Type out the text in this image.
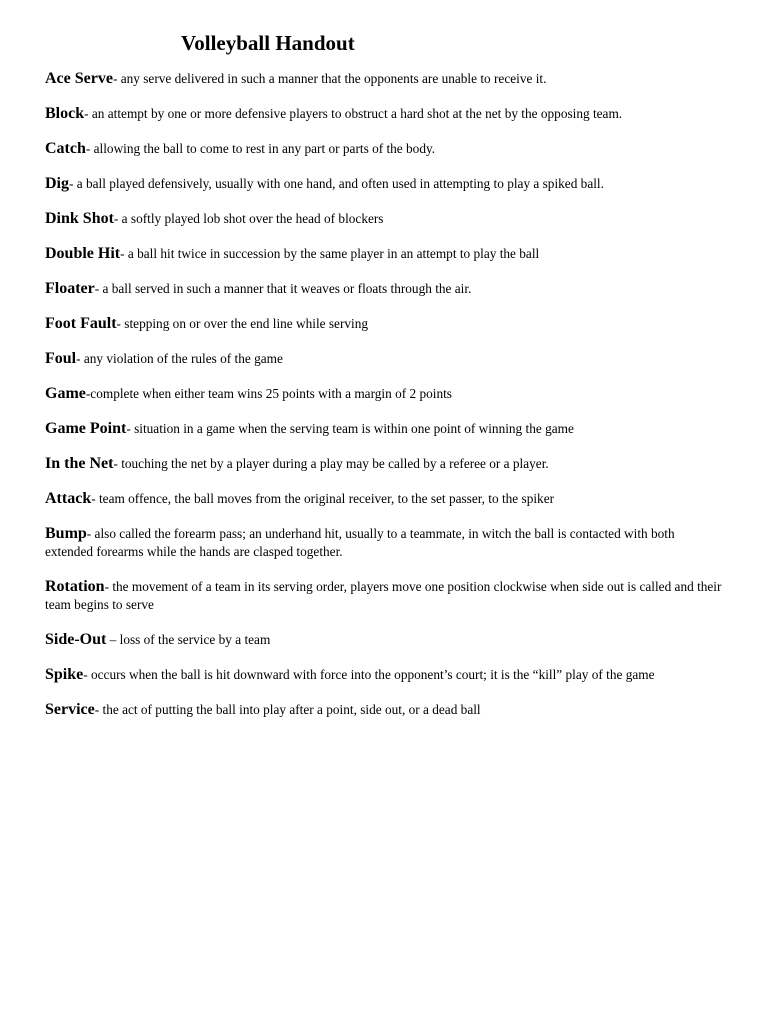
Volleyball Handout

Ace Serve- any serve delivered in such a manner that the opponents are unable to receive it.

Block- an attempt by one or more defensive players to obstruct a hard shot at the net by the opposing team.

Catch- allowing the ball to come to rest in any part or parts of the body.

Dig- a ball played defensively, usually with one hand, and often used in attempting to play a spiked ball.

Dink Shot- a softly played lob shot over the head of blockers

Double Hit- a ball hit twice in succession by the same player in an attempt to play the ball

Floater- a ball served in such a manner that it weaves or floats through the air.

Foot Fault- stepping on or over the end line while serving

Foul- any violation of the rules of the game

Game-complete when either team wins 25 points with a margin of 2 points

Game Point- situation in a game when the serving team is within one point of winning the game

In the Net- touching the net by a player during a play may be called by a referee or a player.

Attack- team offence, the ball moves from the original receiver, to the set passer, to the spiker

Bump- also called the forearm pass; an underhand hit, usually to a teammate, in witch the ball is contacted with both extended forearms while the hands are clasped together.

Rotation- the movement of a team in its serving order, players move one position clockwise when side out is called and their team begins to serve

Side-Out – loss of the service by a team

Spike- occurs when the ball is hit downward with force into the opponent’s court; it is the “kill” play of the game

Service- the act of putting the ball into play after a point, side out, or a dead ball
